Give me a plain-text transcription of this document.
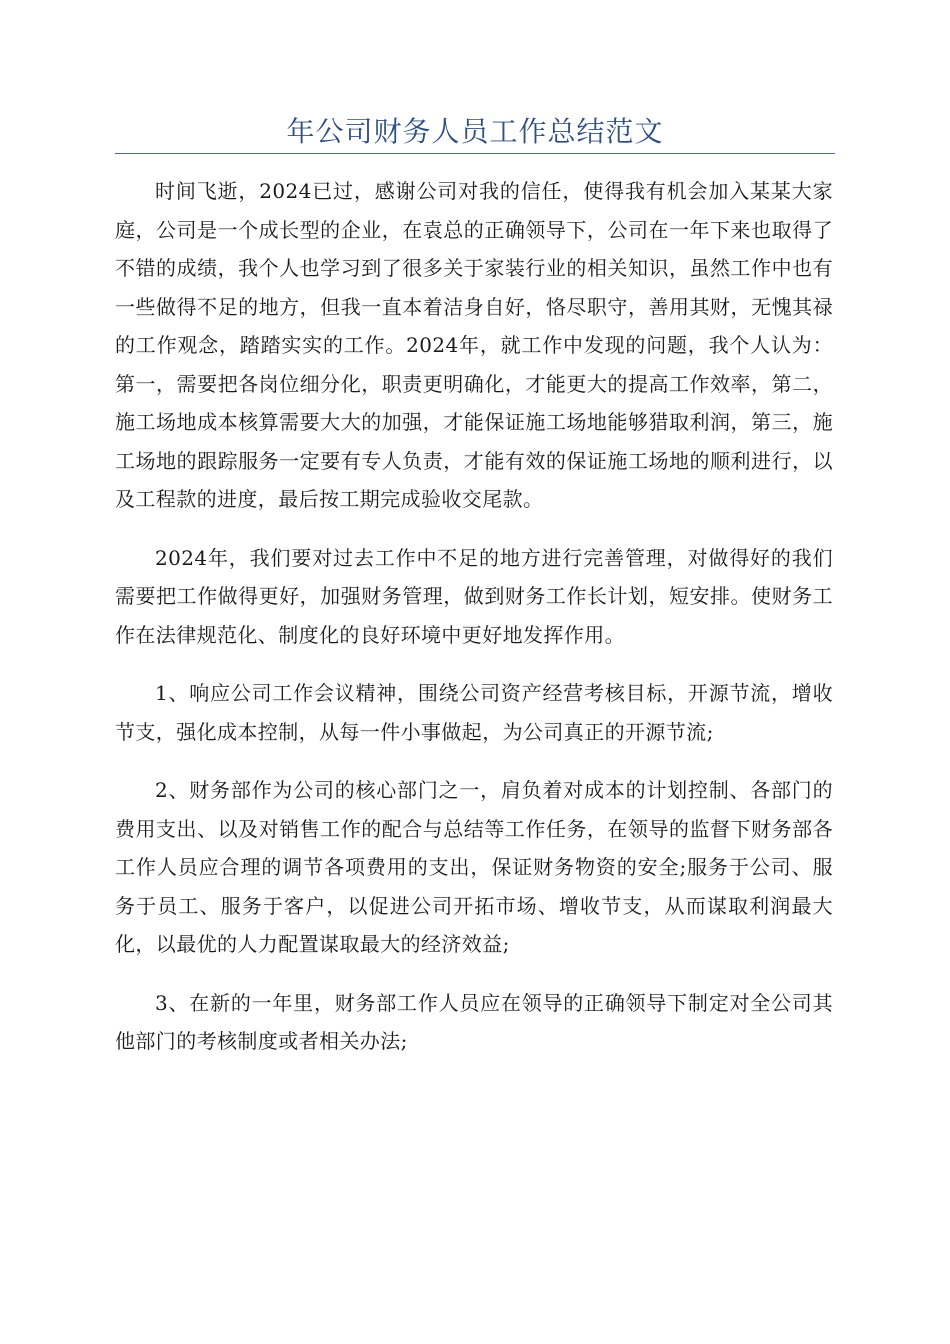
年公司财务人员工作总结范文

时间飞逝，2024已过，感谢公司对我的信任，使得我有机会加入某某大家庭，公司是一个成长型的企业，在袁总的正确领导下，公司在一年下来也取得了不错的成绩，我个人也学习到了很多关于家装行业的相关知识，虽然工作中也有一些做得不足的地方，但我一直本着洁身自好，恪尽职守，善用其财，无愧其禄的工作观念，踏踏实实的工作。2024年，就工作中发现的问题，我个人认为：第一，需要把各岗位细分化，职责更明确化，才能更大的提高工作效率，第二，施工场地成本核算需要大大的加强，才能保证施工场地能够猎取利润，第三，施工场地的跟踪服务一定要有专人负责，才能有效的保证施工场地的顺利进行，以及工程款的进度，最后按工期完成验收交尾款。

2024年，我们要对过去工作中不足的地方进行完善管理，对做得好的我们需要把工作做得更好，加强财务管理，做到财务工作长计划，短安排。使财务工作在法律规范化、制度化的良好环境中更好地发挥作用。

1、响应公司工作会议精神，围绕公司资产经营考核目标，开源节流，增收节支，强化成本控制，从每一件小事做起，为公司真正的开源节流;

2、财务部作为公司的核心部门之一，肩负着对成本的计划控制、各部门的费用支出、以及对销售工作的配合与总结等工作任务，在领导的监督下财务部各工作人员应合理的调节各项费用的支出，保证财务物资的安全;服务于公司、服务于员工、服务于客户，以促进公司开拓市场、增收节支，从而谋取利润最大化，以最优的人力配置谋取最大的经济效益;

3、在新的一年里，财务部工作人员应在领导的正确领导下制定对全公司其他部门的考核制度或者相关办法;
